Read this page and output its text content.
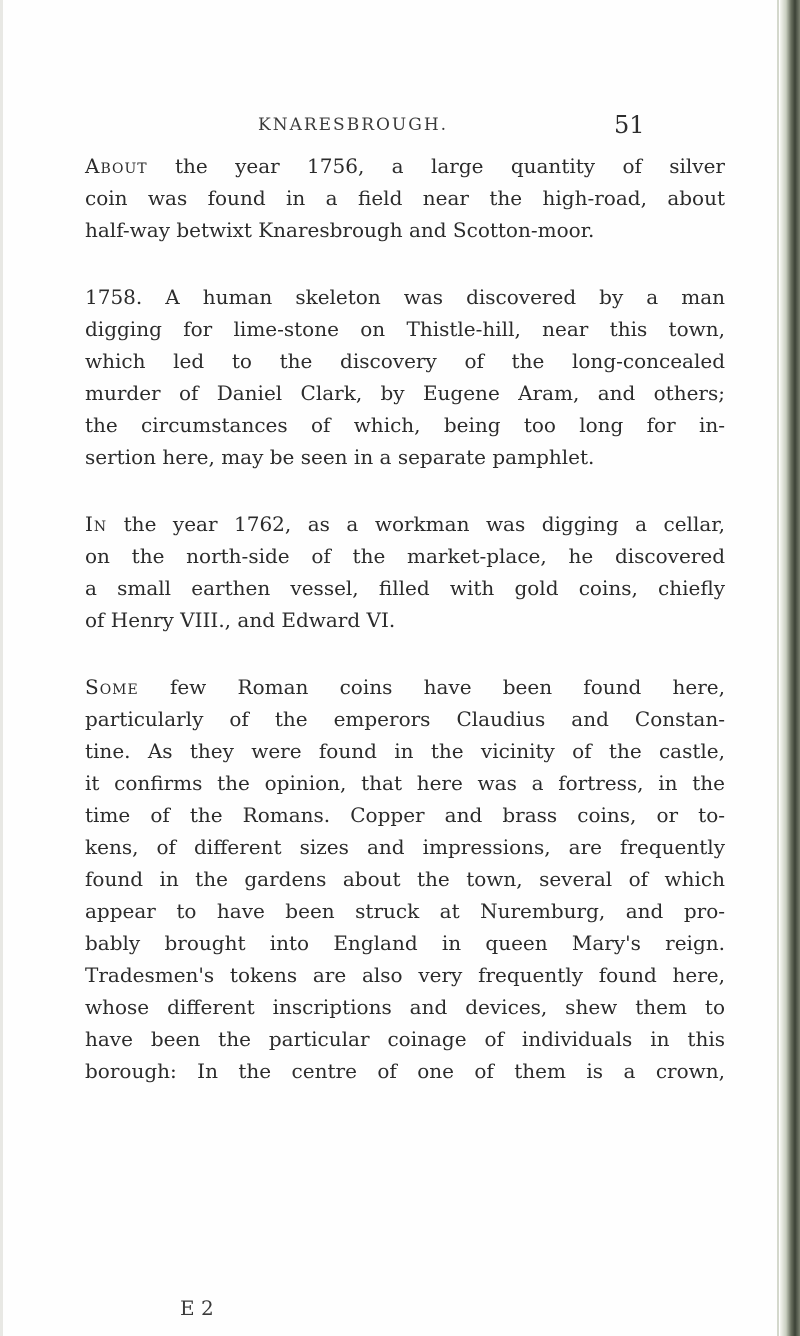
KNARESBROUGH.	51
About the year 1756, a large quantity of silver
coin was found in a field near the high-road, about
half-way betwixt Knaresbrough and Scotton-moor.
1758. A human skeleton was discovered by a man
digging for lime-stone on Thistle-hill, near this town,
which led to the discovery of the long-concealed
murder of Daniel Clark, by Eugene Aram, and others;
the circumstances of which, being too long for in-
sertion here, may be seen in a separate pamphlet.
In the year 1762, as a workman was digging a cellar,
on the north-side of the market-place, he discovered
a small earthen vessel, filled with gold coins, chiefly
of Henry VIII., and Edward VI.
Some few Roman coins have been found here,
particularly of the emperors Claudius and Constan-
tine. As they were found in the vicinity of the castle,
it confirms the opinion, that here was a fortress, in the
time of the Romans. Copper and brass coins, or to-
kens, of different sizes and impressions, are frequently
found in the gardens about the town, several of which
appear to have been struck at Nuremburg, and pro-
bably brought into England in queen Mary's reign.
Tradesmen's tokens are also very frequently found here,
whose different inscriptions and devices, shew them to
have been the particular coinage of individuals in this
borough: In the centre of one of them is a crown,
E 2
